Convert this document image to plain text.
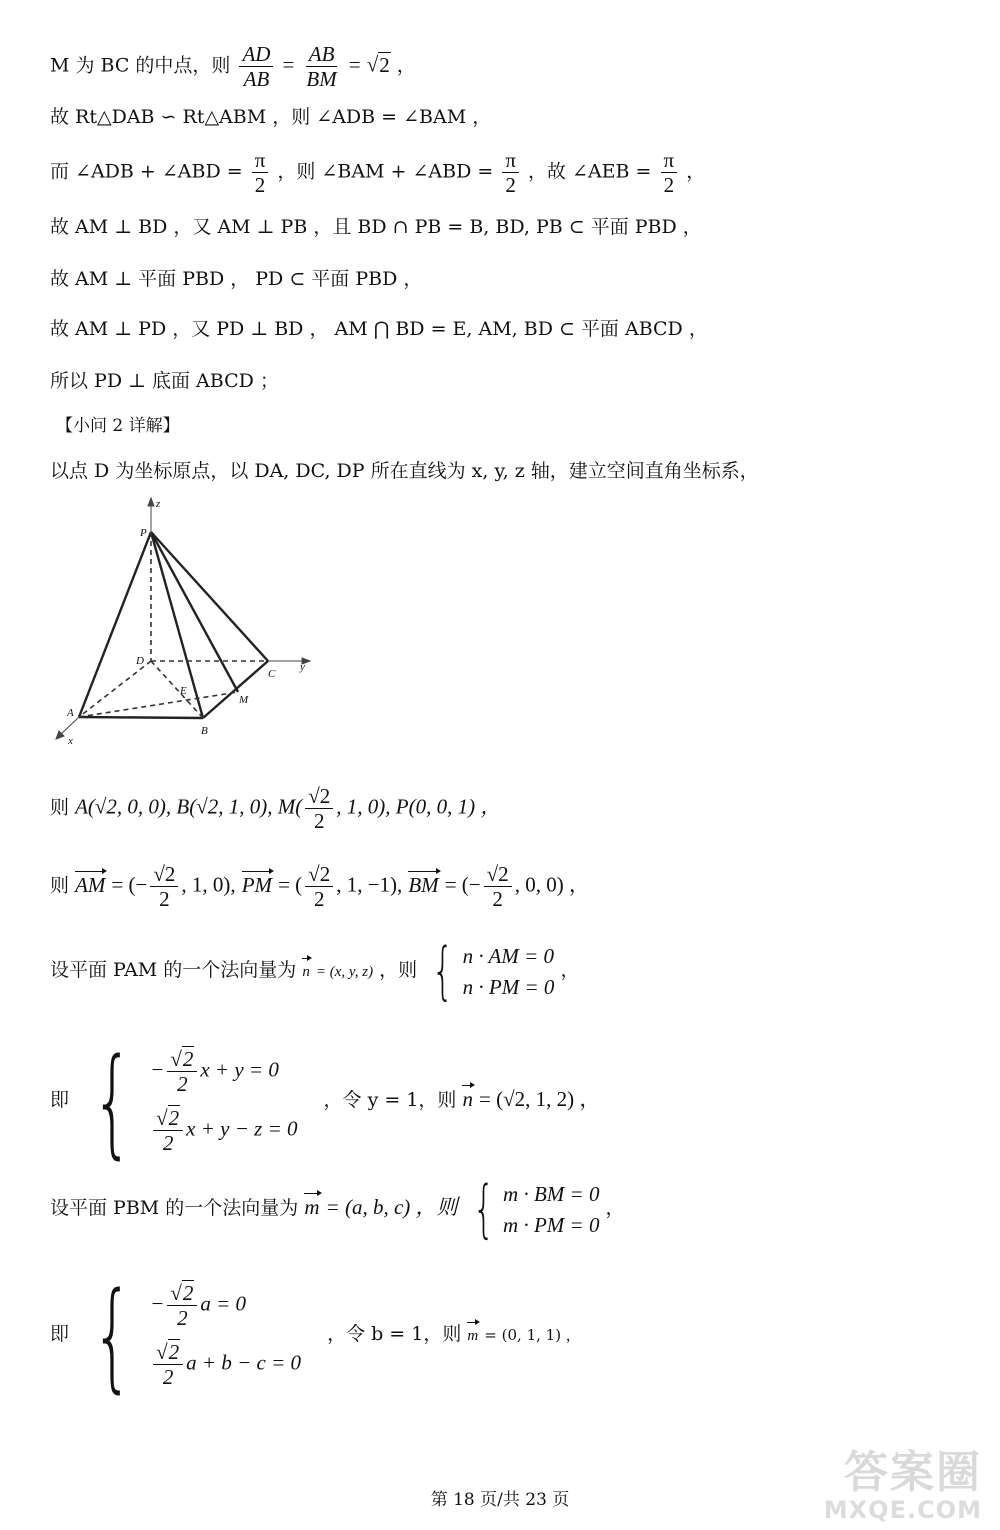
M 为 BC 的中点，则 $\frac{AD}{AB} = \frac{AB}{BM} = √2$ ，
故 Rt△DAB ∽ Rt△ABM ，则 ∠ADB = ∠BAM ，
而 ∠ADB + ∠ABD = $\frac{\pi}{2}$ ，则 ∠BAM + ∠ABD = $\frac{\pi}{2}$ ，故 ∠AEB = $\frac{\pi}{2}$ ，
故 AM ⊥ BD ，又 AM ⊥ PB ，且 BD ∩ PB = B, BD, PB ⊂ 平面 PBD ，
故 AM ⊥ 平面 PBD ， PD ⊂ 平面 PBD ，
故 AM ⊥ PD ，又 PD ⊥ BD ， AM ⋂ BD = E, AM, BD ⊂ 平面 ABCD ，
所以 PD ⊥ 底面 ABCD ；
【小问 2 详解】
以点 D 为坐标原点，以 DA, DC, DP 所在直线为 x, y, z 轴，建立空间直角坐标系，
P
z
D
C
y
E
M
A
B
x
则 A(√2, 0, 0), B(√2, 1, 0), $M( \frac{√2}{2}$ , 1, 0), P(0, 0, 1) ，
则 AM = (− $\frac{√2}{2}$ , 1, 0), PM = ( $\frac{√2}{2}$ , 1, −1), BM = (− $\frac{√2}{2}$ , 0, 0) ，
设平面 PAM 的一个法向量为 n = (x, y, z) ，则 { n · AM = 0
n · PM = 0
，
即 { − $\frac{√2}{2}$ x + y = 0
$\frac{√2}{2}$ x + y − z = 0
，令 y = 1，则 n = (√2, 1, 2) ，
设平面 PBM 的一个法向量为 m = (a, b, c) ，则 { m · BM = 0
m · PM = 0
，
即 { − $\frac{√2}{2}$ a = 0
$\frac{√2}{2}$ a + b − c = 0
，令 b = 1，则 m = (0, 1, 1) ，
答案圈
MXQE.COM
第 18 页/共 23 页
